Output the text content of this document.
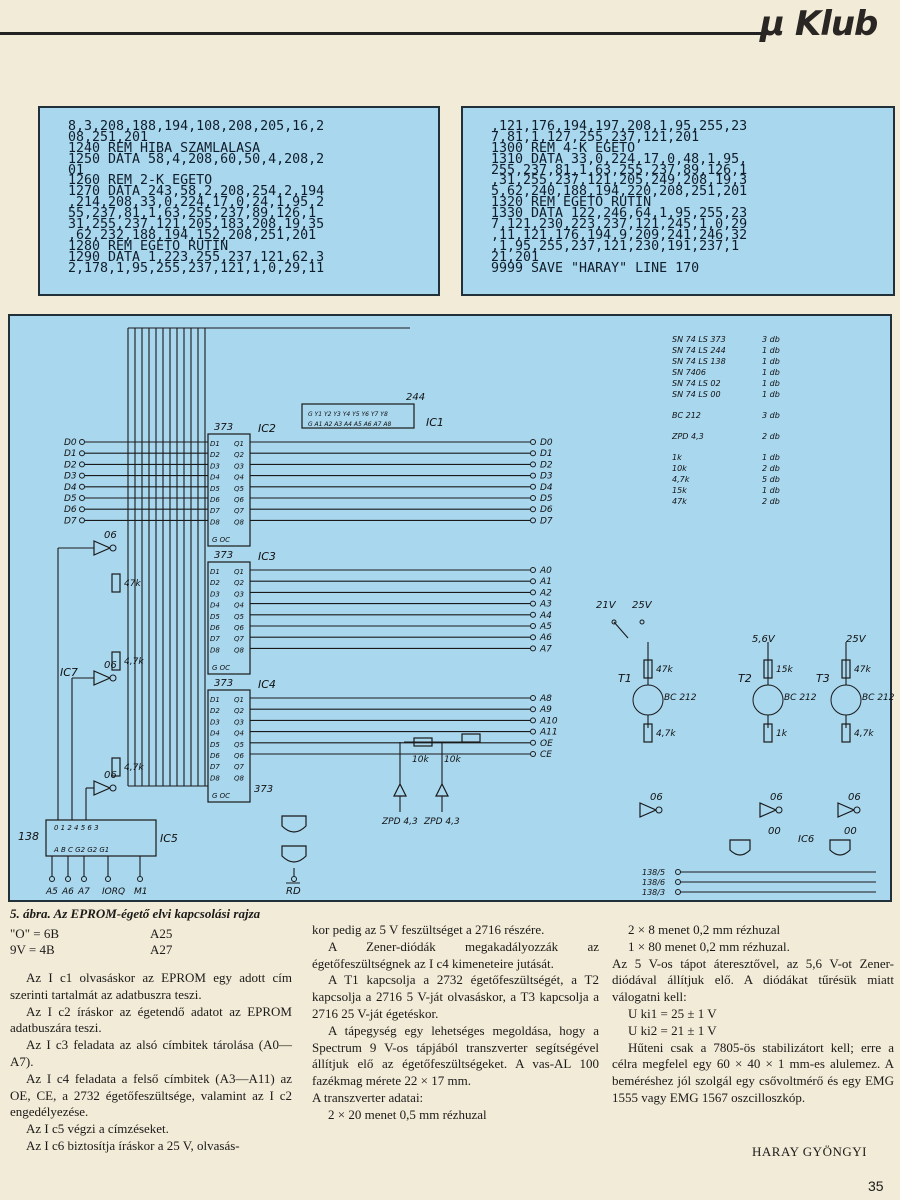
μ Klub
8,3,208,188,194,108,208,205,16,2
08,251,201
1240 REM HIBA SZAMLALASA
1250 DATA 58,4,208,60,50,4,208,2
01
1260 REM 2-K EGETO
1270 DATA 243,58,2,208,254,2,194
,214,208,33,0,224,17,0,24,1,95,2
55,237,81,1,63,255,237,89,126,1
31,255,237,121,205,183,208,19,35
,62,232,188,194,152,208,251,201
1280 REM EGETO RUTIN
1290 DATA 1,223,255,237,121,62,3
2,178,1,95,255,237,121,1,0,29,11
,121,176,194,197,208,1,95,255,23
7,81,1,127,255,237,121,201
1300 REM 4-K EGETO
1310 DATA 33,0,224,17,0,48,1,95,
255,237,81,1,63,255,237,89,126,1
,31,255,237,121,205,249,208,19,3
5,62,240,188,194,220,208,251,201
1320 REM EGETO RUTIN
1330 DATA 122,246,64,1,95,255,23
7,121,230,223,237,121,245,1,0,29
,11,121,176,194,9,209,241,246,32
,1,95,255,237,121,230,191,237,1
21,201
9999 SAVE "HARAY" LINE 170
373 IC2
D1 Q1
D2 Q2
D3 Q3
D4 Q4
D5 Q5
D6 Q6
D7 Q7
D8 Q8
G OC
373 IC3
D1 Q1
D2 Q2
D3 Q3
D4 Q4
D5 Q5
D6 Q6
D7 Q7
D8 Q8
G OC
373 IC4
D1 Q1
D2 Q2
D3 Q3
D4 Q4
D5 Q5
D6 Q6
D7 Q7
D8 Q8
G OC
373
244
IC1
G Y1 Y2 Y3 Y4 Y5 Y6 Y7 Y8
G A1 A2 A3 A4 A5 A6 A7 A8
138	IC5
0 1 2 4 5 6 3
A B C G2 G2 G1
D0	D0
D1	D1
D2	D2
D3	D3
D4	D4
D5	D5
D6	D6
D7	D7
A0
A1
A2
A3
A4
A5
A6
A7
A8
A9
A10
A11
OE
CE
06
06
IC7
06
47k
4,7k
4,7k
A5 A6 A7 IORQ M1	RD
10k 10k
ZPD 4,3 ZPD 4,3
SN 74 LS 373	3 db
SN 74 LS 244	1 db
SN 74 LS 138	1 db
SN 7406	1 db
SN 74 LS 02	1 db
SN 74 LS 00	1 db
BC 212	3 db
ZPD 4,3	2 db
1k	1 db
10k	2 db
4,7k	5 db
15k	1 db
47k	2 db
21V 25V
5,6V	25V
T1
BC 212
47k
4,7k
06
T2
BC 212
15k
1k
06
T3
BC 212
47k
4,7k
06
00	00
IC6
138/5
138/6
138/3
5. ábra. Az EPROM-égető elvi kapcsolási rajza
"O" = 6B	A25
9V = 4B	A27

Az I c1 olvasáskor az EPROM egy adott cím szerinti tartalmát az adatbuszra teszi.

Az I c2 íráskor az égetendő adatot az EPROM adatbuszára teszi.

Az I c3 feladata az alsó címbitek tárolása (A0—A7).

Az I c4 feladata a felső címbitek (A3—A11) az OE, CE, a 2732 égetőfeszültsége, valamint az I c2 engedélyezése.

Az I c5 végzi a címzéseket.

Az I c6 biztosítja íráskor a 25 V, olvasás-

kor pedig az 5 V feszültséget a 2716 részére.

A Zener-diódák megakadályozzák az égetőfeszültségnek az I c4 kimeneteire jutását.

A T1 kapcsolja a 2732 égetőfeszültségét, a T2 kapcsolja a 2716 5 V-ját olvasáskor, a T3 kapcsolja a 2716 25 V-ját égetéskor.

A tápegység egy lehetséges megoldása, hogy a Spectrum 9 V-os tápjából transzverter segítségével állítjuk elő az égetőfeszültségeket. A vas-AL 100 fazékmag mérete 22 × 17 mm.

A transzverter adatai:

2 × 20 menet 0,5 mm rézhuzal

2 × 8 menet 0,2 mm rézhuzal

1 × 80 menet 0,2 mm rézhuzal.

Az 5 V-os tápot áteresztővel, az 5,6 V-ot Zener-diódával állítjuk elő. A diódákat tűrésük miatt válogatni kell:

U ki1 = 25 ± 1 V

U ki2 = 21 ± 1 V

Hűteni csak a 7805-ös stabilizátort kell; erre a célra megfelel egy 60 × 40 × 1 mm-es alulemez. A beméréshez jól szolgál egy csővoltmérő és egy EMG 1555 vagy EMG 1567 oszcilloszkóp.

HARAY GYÖNGYI
35
